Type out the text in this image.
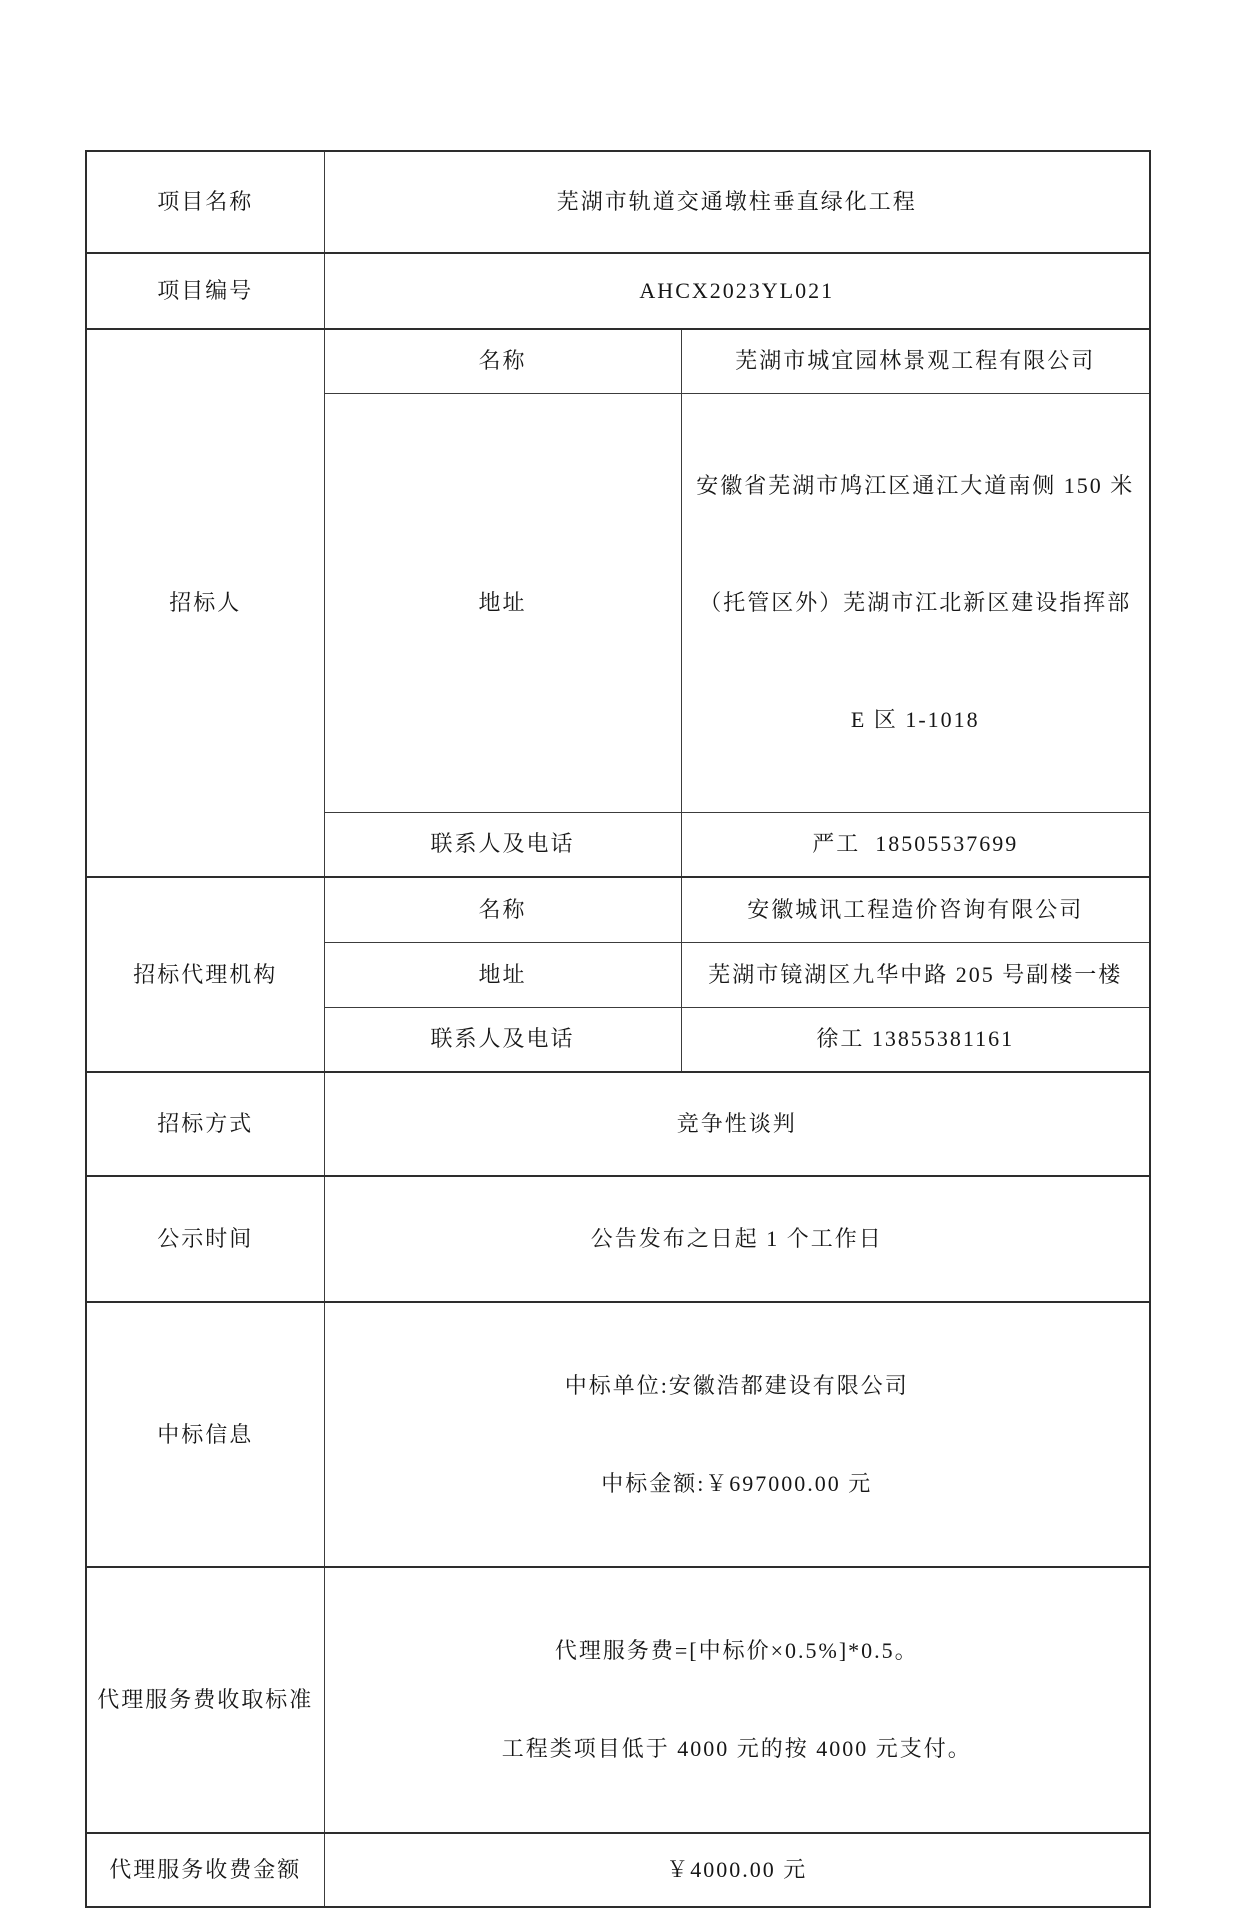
项目名称	芜湖市轨道交通墩柱垂直绿化工程	
项目编号	AHCX2023YL021	
招标人	名称	芜湖市城宜园林景观工程有限公司
	地址	安徽省芜湖市鸠江区通江大道南侧 150 米

（托管区外）芜湖市江北新区建设指挥部

E 区 1-1018

	联系人及电话	严工  18505537699
招标代理机构	名称	安徽城讯工程造价咨询有限公司
	地址	芜湖市镜湖区九华中路 205 号副楼一楼
	联系人及电话	徐工 13855381161
招标方式	竞争性谈判	
公示时间	公告发布之日起 1 个工作日	
中标信息	中标单位:安徽浩都建设有限公司

中标金额:￥697000.00 元	

代理服务费收取标准	代理服务费=[中标价×0.5%]*0.5。

工程类项目低于 4000 元的按 4000 元支付。	

代理服务收费金额	￥4000.00 元	
